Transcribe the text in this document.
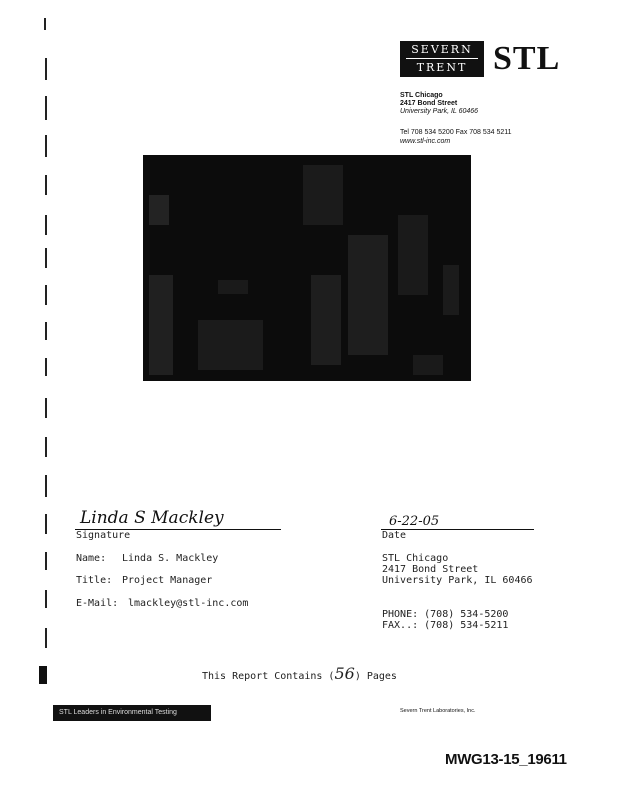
SEVERN
TRENT STL
STL Chicago
2417 Bond Street
University Park, IL 60466
Tel 708 534 5200 Fax 708 534 5211
www.stl-inc.com
Linda S Mackley
Signature
6-22-05
Date
Name: Linda S. Mackley
Title: Project Manager
E-Mail: lmackley@stl-inc.com
STL Chicago
2417 Bond Street
University Park, IL 60466
PHONE: (708) 534-5200
FAX..: (708) 534-5211
This Report Contains (56) Pages
STL Leaders in Environmental Testing	Severn Trent Laboratories, Inc.
MWG13-15_19611
